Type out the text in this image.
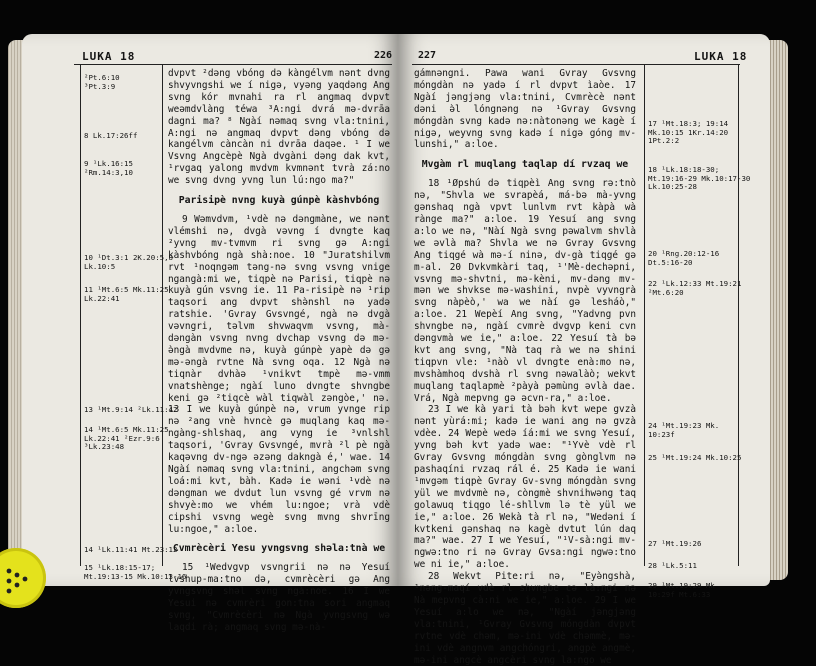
LUKA 18	226
²Pt.6:10
³Pt.3:9
8 Lk.17:26ff
9 ¹Lk.16:15
²Rm.14:3,10
10 ¹Dt.3:1 2K.20:5,8
Lk.10:5
11 ¹Mt.6:5 Mk.11:25
Lk.22:41
13 ¹Mt.9:14 ²Lk.11:42
14 ¹Mt.6:5 Mk.11:25
Lk.22:41 ²Ezr.9:6
³Lk.23:48
14 ¹Lk.11:41 Mt.23:12
15 ¹Lk.18:15-17;
Mt.19:13-15 Mk.10:13-16

dvpvt ²dəng vbóng də kàngélvm nənt dvng shvyvngshi we í nigə, vyəng yaqdəng Ang svng kór mvnahi ra rl angmaq dvpvt weəmdvlàng téwa ³A:ngi dvrá mə-dvrāa dagni ma? ⁸ Ngàí nəmaq svng vla:tnini, A:ngi nə angmaq dvpvt dəng vbóng də kangélvm càncàn ni dvrāa daqəe. ¹ I we Vsvng Angcèpè Ngà dvgàni dəng dak kvt, ¹rvgaq yalong mvdvm kvmnənt tvrà zá:no we svng dvng yvng lun lú:ngo ma?"

Parisipè nvng kuyà gúnpè kàshvbóng

9 Wəmvdvm, ¹vdè nə dəngmàne, we nənt vlémshi nə, dvgà vəvng í dvngte kaq ²yvng mv-tvmvm ri svng gə A:ngi kàshvbóng ngà shà:noe. 10 "Juratshilvm rvt ¹noqngəm təng-nə svng vsvng vnige ngangà:mi we, tiqpè nə Parisi, tiqpè nə kuyà gún vsvng ie. 11 Pa-risipè nə ¹rip taqsori ang dvpvt shə̀nshl nə yadə ratshie. 'Gvray Gvsvngé, ngà nə dvgà vəvngri, təlvm shvwaqvm vsvng, mà-dəngàn vsvng nvng dvchap vsvng də mə-ə̀ngà mvdvme nə, kuyà gúnpè yapè də gə mə-əngà rvtne Nà svng oqa. 12 Ngà nə tiqnàr dvhàə ¹vnikvt tmpè mə-vmm vnatshènge; ngàí luno dvngte shvngbe keni gə ²tiqcè wàl tiqwàl zəngòe,' nə. 13 I we kuyà gúnpè nə, vrum yvnge rip nə ²ang vnè hvncè gə muqlang kaq mə-ngàng-shlshaq, ang vyng ie ³vnlshl taqsori, 'Gvray Gvsvngé, mvrà ²l pè ngà kaqəvng dv-ngə əzəng dakngà é,' wae. 14 Ngàí nəmaq svng vla:tnini, angchəm svng loá:mi kvt, bàh. Kadə ie wəni ¹vdè nə dəngman we dvdut lun vsvng gé vrvm nə shvyè:mo we vhém lu:ngoe; vrà vdè cipshi vsvng wegè svng mvng shvrīng lu:ngoe," a:loe.

Cvmrècèri Yesu yvngsvng shəla:tnà we

15 ¹Wedvgvp vsvngrii nə nə Yesuí lvshup-ma:tno də, cvmrècèri gə Ang yvngsvng shəl svng ngà:noe. 16 I we Yesui nə cvmrèri gon:tna sori angmaq svng, "Cvmrècèri nə Ngà yvngsvng wə laqdi rà; angmaq svng mə-nà-

227	LUKA 18

gámnəngni. Pawa wani Gvray Gvsvng móngdàn nə yadə í rl dvpvt ìaòe. 17 Ngàí jəngjəng vla:tnini, Cvmrècè nənt dəni ə̀l lóngnəng nə ¹Gvray Gvsvng móngdàn svng kadə nə:nàtonəng we kagè í nigə, weyvng svng kadə í nigə góng mv-lunshi," a:loe.

Mvgàm rl muqlang taqlap dí rvzaq we

18 ¹Øpshú də tiqpèì Ang svng rə:tnò nə, "Shvla we svrapèá, má-bə mà-yvng gənshaq ngà vpvt lunlvm rvt kàpà wà rànge ma?" a:loe. 19 Yesuí ang svng a:lo we nə, "Nàí Ngà svng pəwalvm shvlà we əvlà ma? Shvla we nə Gvray Gvsvng Ang tiqgé wà mə-í ninə, dv-gà tiqgé gə m-al. 20 Dvkvmkàri taq, ¹'Mè-dechəpni, vsvng mə-shvtni, mə-kèni, mv-dəng mv-mən we shvkse mə-washini, nvpè vyvngrà svng nàpèò,' wa we nàí gə lesháò," a:loe. 21 Wepèí Ang svng, "Yadvng pvn shvngbe nə, ngàí cvmrè dvgvp keni cvn dəngvmà we ie," a:loe. 22 Yesuí tà bə kvt ang svng, "Nà taq rà we nə shini tiqpvn vle: ¹nàò vl dvngte enà:mo nə, mvshàmhoq dvshà rl svng nəwalàò; wekvt muqlang taqlapmè ²pàyà pəmùng əvlà dae. Vrá, Ngà mepvng gə əcvn-ra," a:loe.

23 I we kà yari tà bəh kvt wepe gvzà nənt yùrá:mi; kadə ie wani ang nə gvzà vdèe. 24 Wepè wedə íá:mi we svng Yesuí, yvng bəh kvt yadə wae: "¹Yvè vdè rl Gvray Gvsvng móngdàn svng gònglvm nə pashaqíni rvzaq rál é. 25 Kadə ie wani ¹mvgəm tiqpè Gvray Gv-svng móngdàn svng yül we mvdvmè nə, còngmè shvnihwəng taq golawuq tiqgo lé-shllvm lə tè yül we ie," a:loe. 26 Wekà tà rl nə, "Wedəni í kvtkeni gənshaq nə kagè dvtut lún daq ma?" wae. 27 I we Yesuí, "¹V-sà:ngi mv-ngwə:tno ri nə Gvray Gvsa:ngi ngwə:tno we ni ie," a:loe.

28 Wekvt Pite:ri nə, "Eyə̀ngshà, ¹nəng-maqí vdè rl shvngbe cə là:ngi nə Nà mepvng cà:ni we ie," a:loe. 29 I we Yesuí a:lo we nə, "Ngàí jəngjəng vla:tnini, ¹Gvray Gvsvng móngdàn dvpvt rvtne vdè chəm, mə-ini vdè chəmmè, mə-ini vdè angnvm angchóngri, angpè angmè, mə-ini angcè angcèri svng la:ngo we

17 ¹Mt.18:3; 19:14
Mk.10:15 1Kr.14:20
1Pt.2:2
18 ¹Lk.18:18-30;
Mt.19:16-29 Mk.10:17-30
Lk.10:25-28
20 ¹Rng.20:12-16
Dt.5:16-20
22 ¹Lk.12:33 Mt.19:21
²Mt.6:20
24 ¹Mt.19:23 Mk.
10:23f
25 ¹Mt.19:24 Mk.10:25
27 ¹Mt.19:26
28 ¹Lk.5:11
29 ¹Mt.19:29 Mk
10:29f Mt.6:33
